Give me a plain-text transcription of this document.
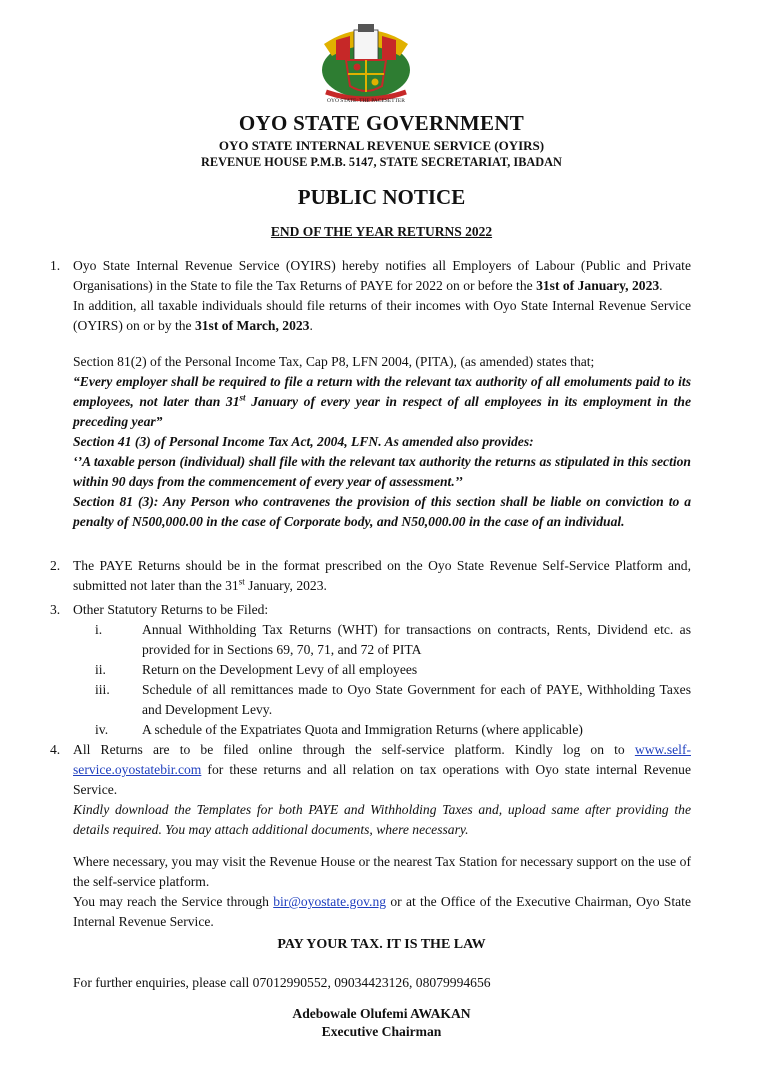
OYO STATE: THE PACESETTER
OYO STATE GOVERNMENT
OYO STATE INTERNAL REVENUE SERVICE (OYIRS)
REVENUE HOUSE P.M.B. 5147, STATE SECRETARIAT, IBADAN
PUBLIC NOTICE
END OF THE YEAR RETURNS 2022
1. Oyo State Internal Revenue Service (OYIRS) hereby notifies all Employers of Labour (Public and Private Organisations) in the State to file the Tax Returns of PAYE for 2022 on or before the 31st of January, 2023.

In addition, all taxable individuals should file returns of their incomes with Oyo State Internal Revenue Service (OYIRS) on or by the 31st of March, 2023.

Section 81(2) of the Personal Income Tax, Cap P8, LFN 2004, (PITA), (as amended) states that;

“Every employer shall be required to file a return with the relevant tax authority of all emoluments paid to its employees, not later than 31st January of every year in respect of all employees in its employment in the preceding year”

Section 41 (3) of Personal Income Tax Act, 2004, LFN. As amended also provides:

‘’A taxable person (individual) shall file with the relevant tax authority the returns as stipulated in this section within 90 days from the commencement of every year of assessment.’’

Section 81 (3): Any Person who contravenes the provision of this section shall be liable on conviction to a penalty of N500,000.00 in the case of Corporate body, and N50,000.00 in the case of an individual.

2. The PAYE Returns should be in the format prescribed on the Oyo State Revenue Self-Service Platform and, submitted not later than the 31st January, 2023.

3. Other Statutory Returns to be Filed:
i.	Annual Withholding Tax Returns (WHT) for transactions on contracts, Rents, Dividend etc. as provided for in Sections 69, 70, 71, and 72 of PITA
ii.	Return on the Development Levy of all employees
iii. Schedule of all remittances made to Oyo State Government for each of PAYE, Withholding Taxes and Development Levy.
iv. A schedule of the Expatriates Quota and Immigration Returns (where applicable)
4. All Returns are to be filed online through the self-service platform. Kindly log on to www.self-service.oyostatebir.com for these returns and all relation on tax operations with Oyo state internal Revenue Service.

Kindly download the Templates for both PAYE and Withholding Taxes and, upload same after providing the details required. You may attach additional documents, where necessary.

Where necessary, you may visit the Revenue House or the nearest Tax Station for necessary support on the use of the self-service platform.

You may reach the Service through bir@oyostate.gov.ng or at the Office of the Executive Chairman, Oyo State Internal Revenue Service.

PAY YOUR TAX. IT IS THE LAW
For further enquiries, please call 07012990552, 09034423126, 08079994656
Adebowale Olufemi AWAKAN
Executive Chairman
